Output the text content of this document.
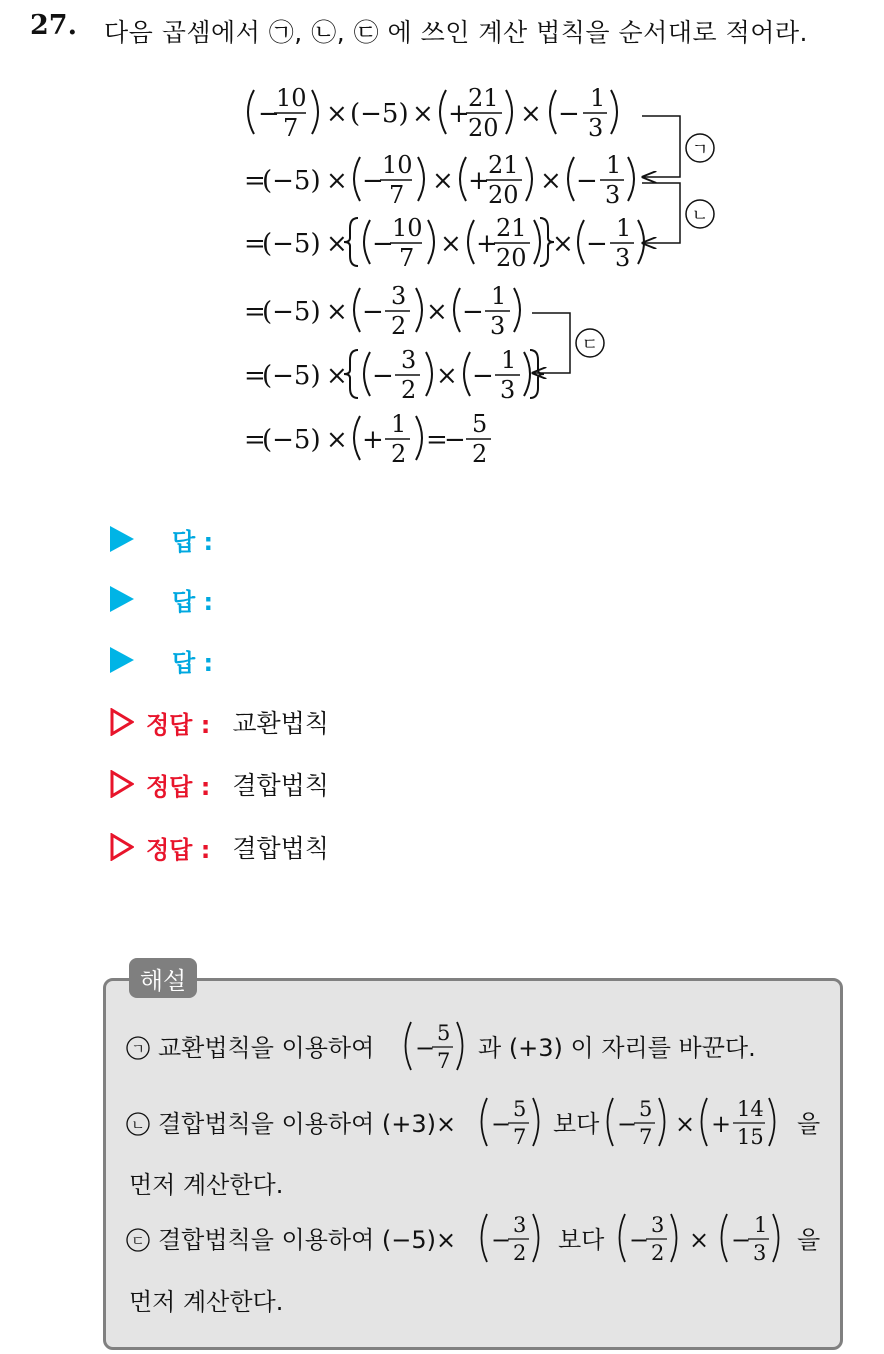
27. 다음 곱셈에서 ㉠, ㉡, ㉢ 에 쓰인 계산 법칙을 순서대로 적어라.
−
10
7 × (−5) × +
21
20 × −
1
3
=
(−5) × −
10
7 × +
21
20 × −
1
3
=
(−5) × −
10
7 × +
21
20 × −
1
3
=
(−5) × −
3
2 × −
1
3
=
(−5) × −
3
2 × −
1
3
=
(−5) × +
1
2 =
−
5
2
ㄱ
ㄴ
ㄷ
답 :
답 :
답 :
정답 : 교환법칙
정답 : 결합법칙
정답 : 결합법칙
해설
ㄱ 교환법칙을 이용하여 −
5
7 과 (+3) 이 자리를 바꾼다.
ㄴ 결합법칙을 이용하여 (+3)× −
5
7 보다 −
5
7 × +
14
15 을
먼저 계산한다.
ㄷ 결합법칙을 이용하여 (−5)× −
3
2 보다 −
3
2 × −
1
3 을
먼저 계산한다.
